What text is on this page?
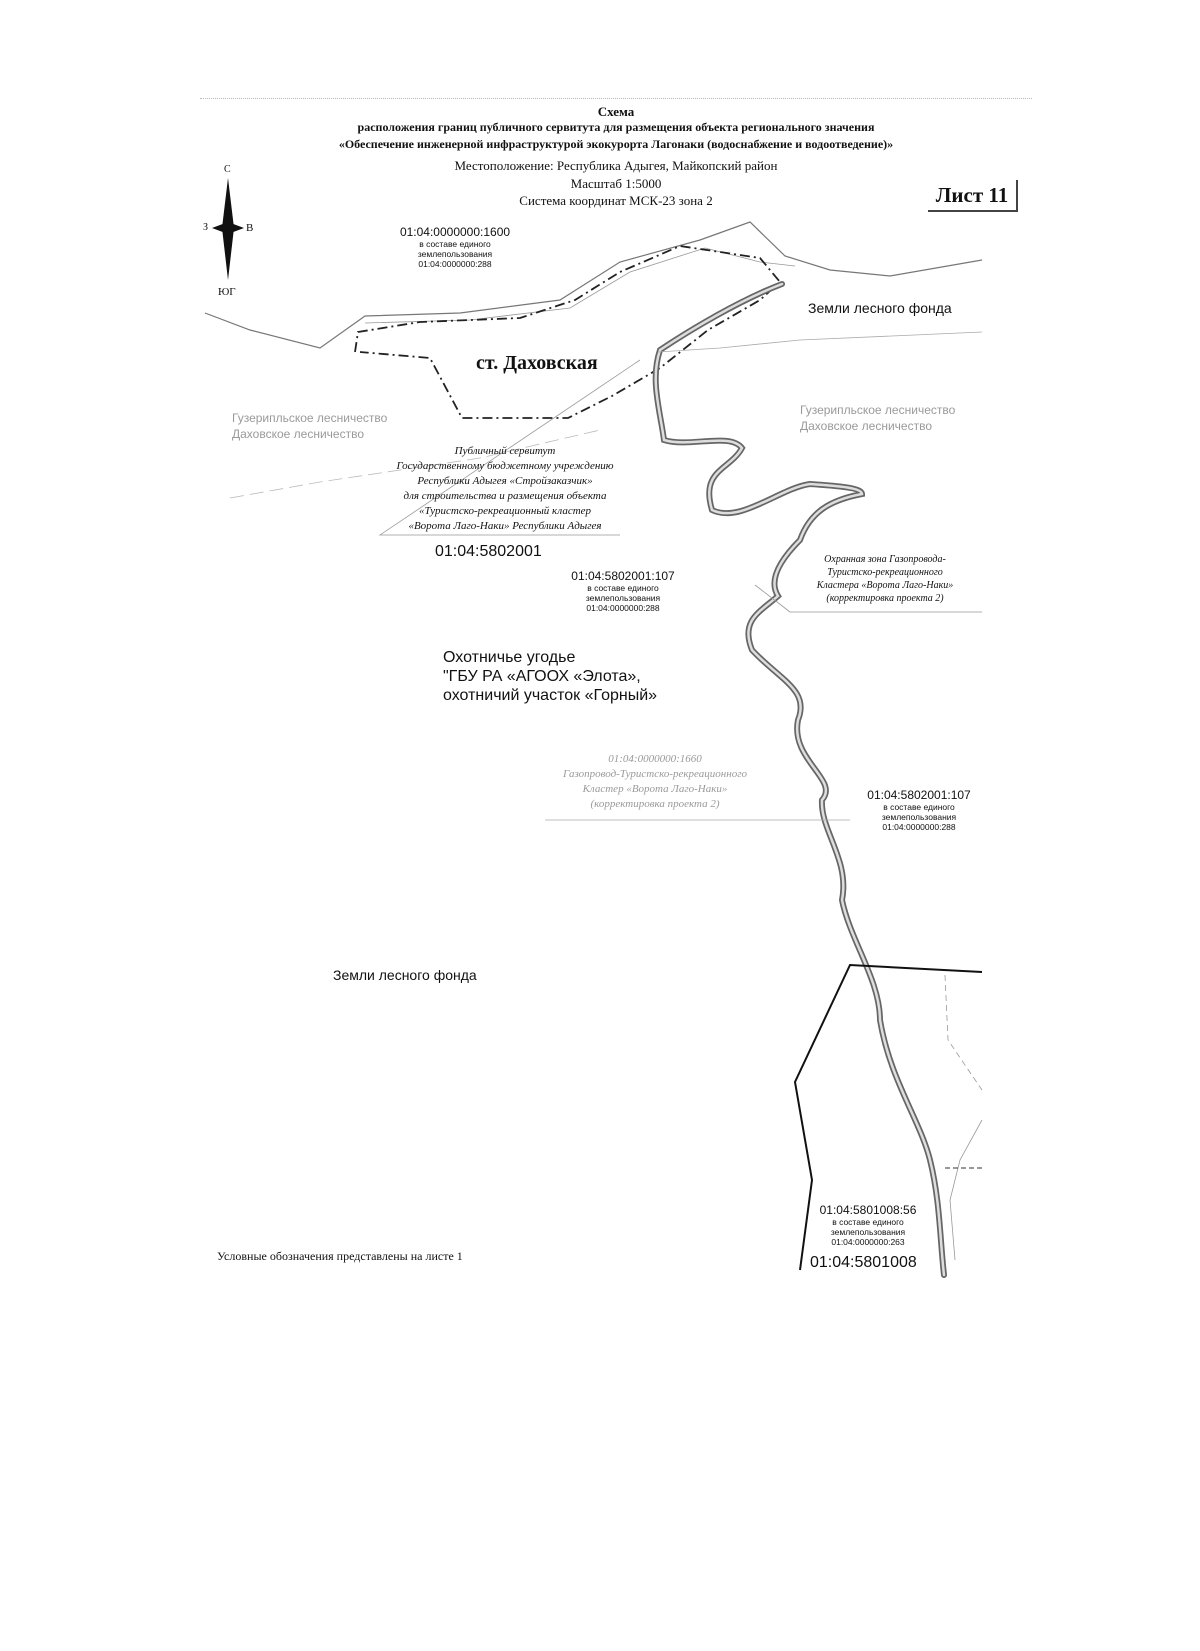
Схема
расположения границ публичного сервитута для размещения объекта регионального значения
«Обеспечение инженерной инфраструктурой экокурорта Лагонаки (водоснабжение и водоотведение)»
Местоположение: Республика Адыгея, Майкопский район
Масштаб 1:5000
Система координат МСК-23 зона 2	Лист 11
С
В
З
ЮГ
01:04:0000000:1600
в составе единого
землепользования
01:04:0000000:288
Земли лесного фонда
ст. Даховская
Гузерипльское лесничество
Даховское лесничество
Гузерипльское лесничество
Даховское лесничество
Публичный сервитут
Государственному бюджетному учреждению
Республики Адыгея «Стройзаказчик»
для строительства и размещения объекта
«Туристско-рекреационный кластер
«Ворота Лаго-Наки» Республики Адыгея
01:04:5802001	Охранная зона Газопровода-
Туристско-рекреационного
Кластера «Ворота Лаго-Наки»
(корректировка проекта 2)
01:04:5802001:107
в составе единого
землепользования
01:04:0000000:288
Охотничье угодье
"ГБУ РА «АГООХ «Элота»,
охотничий участок «Горный»
01:04:0000000:1660
Газопровод-Туристско-рекреационного
Кластер «Ворота Лаго-Наки»
(корректировка проекта 2)
01:04:5802001:107
в составе единого
землепользования
01:04:0000000:288
Земли лесного фонда
01:04:5801008:56
в составе единого
землепользования
01:04:0000000:263
01:04:5801008
Условные обозначения представлены на листе 1
